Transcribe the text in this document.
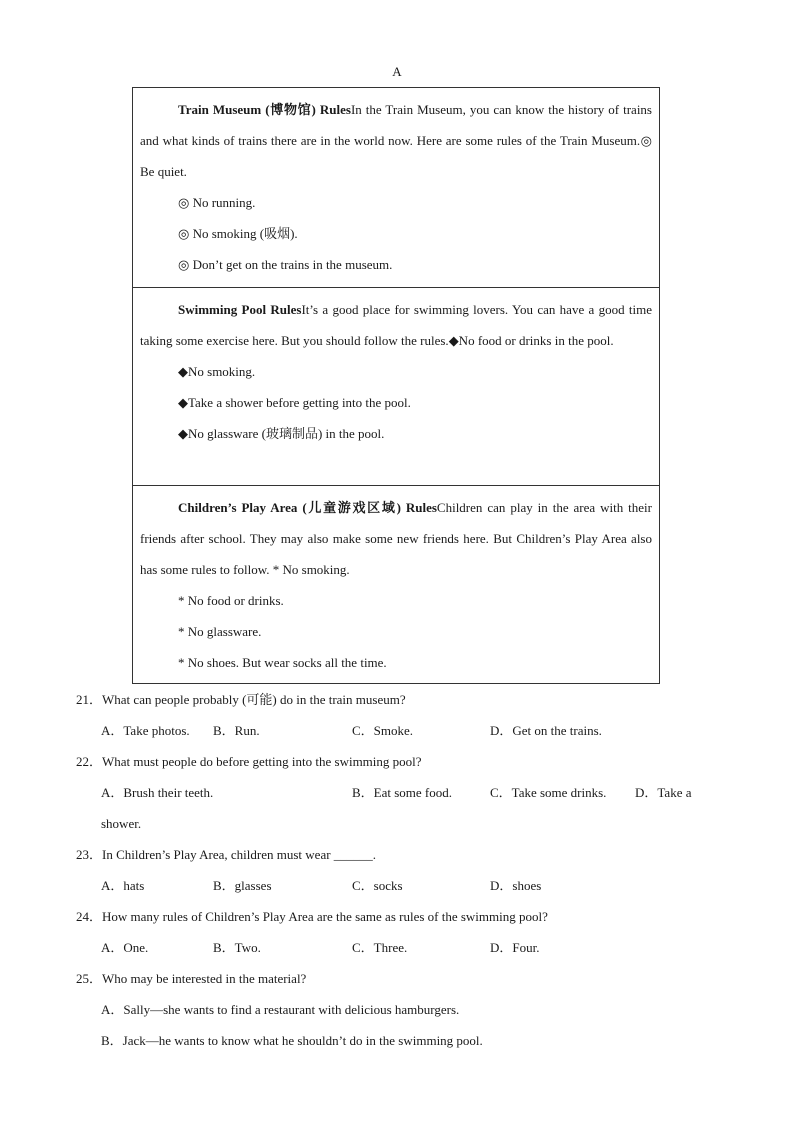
A

Train Museum (博物馆) RulesIn the Train Museum, you can know the history of trains and what kinds of trains there are in the world now. Here are some rules of the Train Museum.◎ Be quiet.

◎ No running.

◎ No smoking (吸烟).

◎ Don’t get on the trains in the museum.

Swimming Pool RulesIt’s a good place for swimming lovers. You can have a good time taking some exercise here. But you should follow the rules.◆No food or drinks in the pool.

◆No smoking.

◆Take a shower before getting into the pool.

◆No glassware (玻璃制品) in the pool.

Children’s Play Area (儿童游戏区域) RulesChildren can play in the area with their friends after school. They may also make some new friends here. But Children’s Play Area also has some rules to follow. * No smoking.

* No food or drinks.

* No glassware.

* No shoes. But wear socks all the time.

21．What can people probably (可能) do in the train museum?

A．Take photos. B．Run.	C．Smoke.	D．Get on the trains.

22．What must people do before getting into the swimming pool?

A．Brush their teeth.	B．Eat some food.	C．Take some drinks. D．Take a

shower.

23．In Children’s Play Area, children must wear ______.

A．hats	B．glasses	C．socks	D．shoes

24．How many rules of Children’s Play Area are the same as rules of the swimming pool?

A．One.	B．Two.	C．Three.	D．Four.

25．Who may be interested in the material?

A．Sally—she wants to find a restaurant with delicious hamburgers.

B．Jack—he wants to know what he shouldn’t do in the swimming pool.
